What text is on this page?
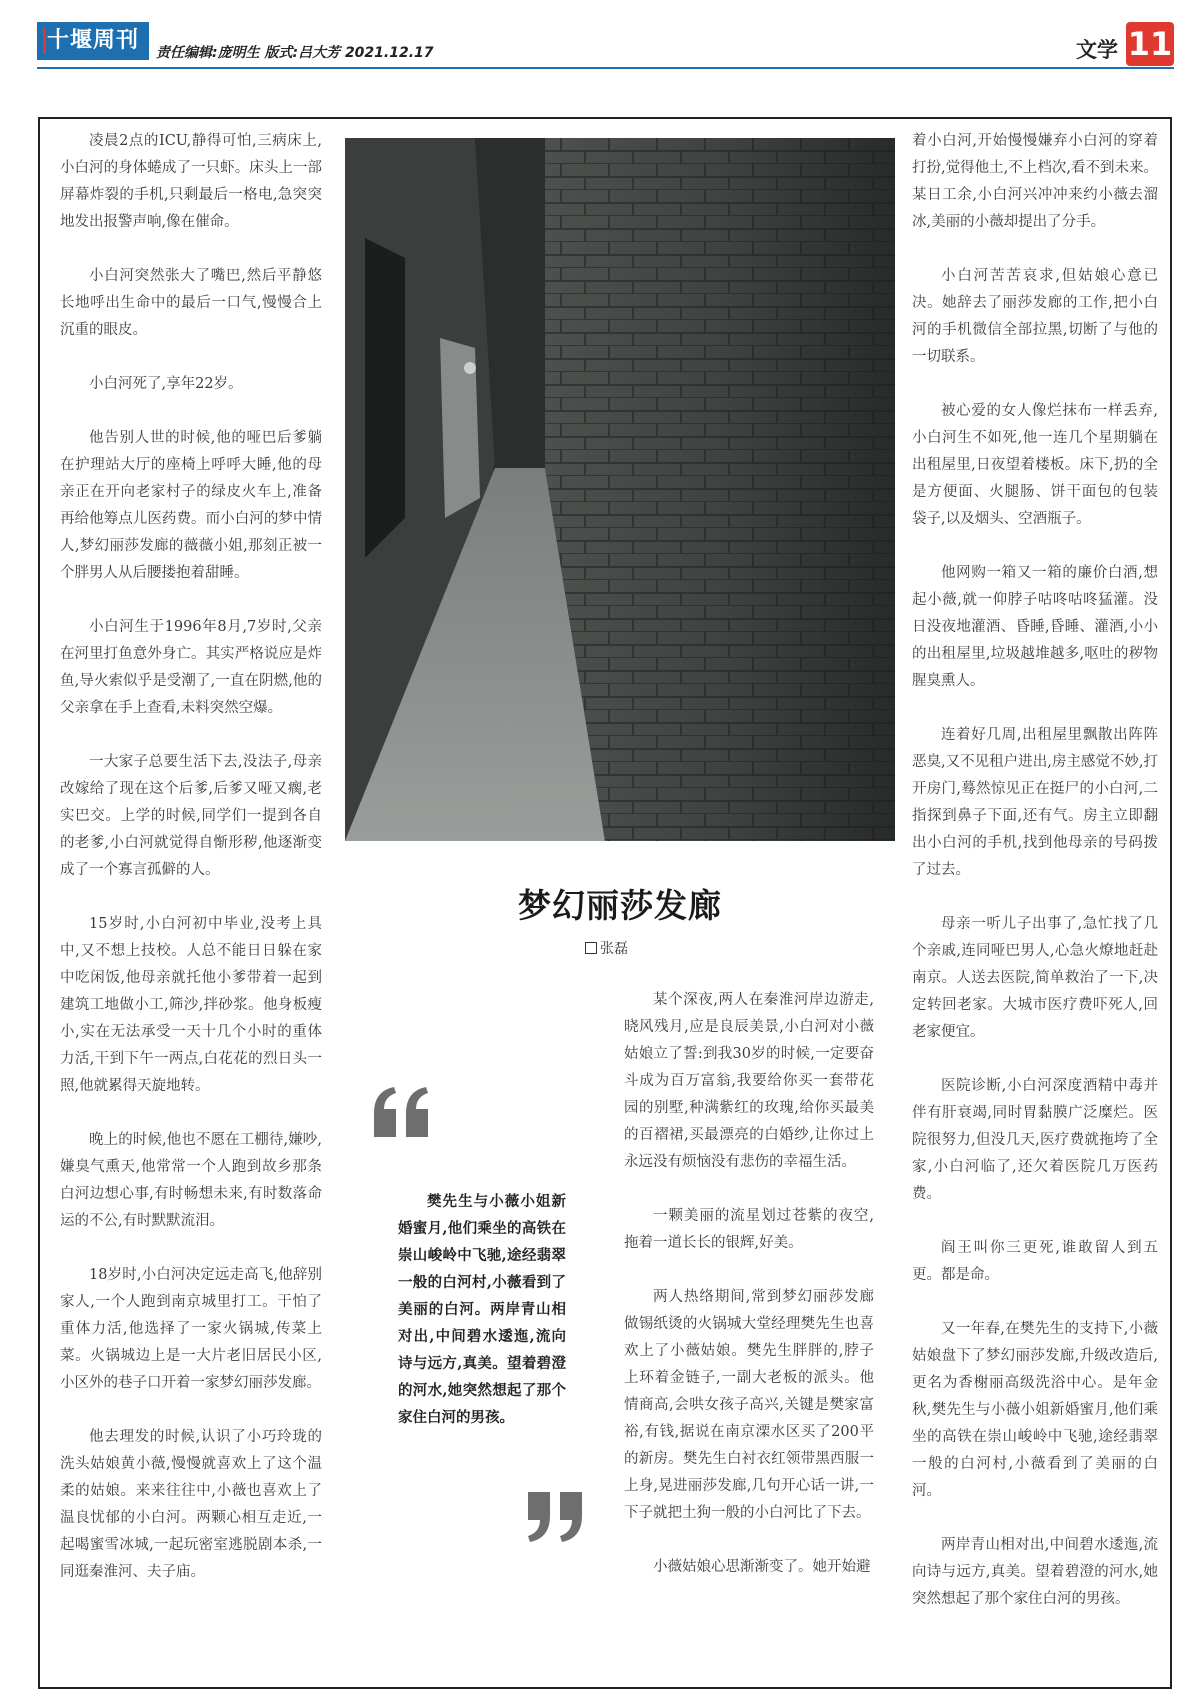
十堰周刊	责任编辑:庞明生 版式:吕大芳 2021.12.17	文学 11

凌晨2点的ICU,静得可怕,三病床上,小白河的身体蜷成了一只虾。床头上一部屏幕炸裂的手机,只剩最后一格电,急突突地发出报警声响,像在催命。

小白河突然张大了嘴巴,然后平静悠长地呼出生命中的最后一口气,慢慢合上沉重的眼皮。

小白河死了,享年22岁。

他告别人世的时候,他的哑巴后爹躺在护理站大厅的座椅上呼呼大睡,他的母亲正在开向老家村子的绿皮火车上,准备再给他筹点儿医药费。而小白河的梦中情人,梦幻丽莎发廊的薇薇小姐,那刻正被一个胖男人从后腰搂抱着甜睡。

小白河生于1996年8月,7岁时,父亲在河里打鱼意外身亡。其实严格说应是炸鱼,导火索似乎是受潮了,一直在阴燃,他的父亲拿在手上查看,未料突然空爆。

一大家子总要生活下去,没法子,母亲改嫁给了现在这个后爹,后爹又哑又瘸,老实巴交。上学的时候,同学们一提到各自的老爹,小白河就觉得自惭形秽,他逐渐变成了一个寡言孤僻的人。

15岁时,小白河初中毕业,没考上具中,又不想上技校。人总不能日日躲在家中吃闲饭,他母亲就托他小爹带着一起到建筑工地做小工,筛沙,拌砂浆。他身板瘦小,实在无法承受一天十几个小时的重体力活,干到下午一两点,白花花的烈日头一照,他就累得天旋地转。

晚上的时候,他也不愿在工棚待,嫌吵,嫌臭气熏天,他常常一个人跑到故乡那条白河边想心事,有时畅想未来,有时数落命运的不公,有时默默流泪。

18岁时,小白河决定远走高飞,他辞别家人,一个人跑到南京城里打工。干怕了重体力活,他选择了一家火锅城,传菜上菜。火锅城边上是一大片老旧居民小区,小区外的巷子口开着一家梦幻丽莎发廊。

他去理发的时候,认识了小巧玲珑的洗头姑娘黄小薇,慢慢就喜欢上了这个温柔的姑娘。来来往往中,小薇也喜欢上了温良忧郁的小白河。两颗心相互走近,一起喝蜜雪冰城,一起玩密室逃脱剧本杀,一同逛秦淮河、夫子庙。

梦幻丽莎发廊
张磊
樊先生与小薇小姐新婚蜜月,他们乘坐的高铁在崇山峻岭中飞驰,途经翡翠一般的白河村,小薇看到了美丽的白河。两岸青山相对出,中间碧水逶迤,流向诗与远方,真美。望着碧澄的河水,她突然想起了那个家住白河的男孩。

某个深夜,两人在秦淮河岸边游走,晓风残月,应是良辰美景,小白河对小薇姑娘立了誓:到我30岁的时候,一定要奋斗成为百万富翁,我要给你买一套带花园的别墅,种满紫红的玫瑰,给你买最美的百褶裙,买最漂亮的白婚纱,让你过上永远没有烦恼没有悲伤的幸福生活。

一颗美丽的流星划过苍紫的夜空,拖着一道长长的银辉,好美。

两人热络期间,常到梦幻丽莎发廊做锡纸烫的火锅城大堂经理樊先生也喜欢上了小薇姑娘。樊先生胖胖的,脖子上环着金链子,一副大老板的派头。他情商高,会哄女孩子高兴,关键是樊家富裕,有钱,据说在南京溧水区买了200平的新房。樊先生白衬衣红领带黑西服一上身,晃进丽莎发廊,几句开心话一讲,一下子就把土狗一般的小白河比了下去。

小薇姑娘心思渐渐变了。她开始避

着小白河,开始慢慢嫌弃小白河的穿着打扮,觉得他土,不上档次,看不到未来。某日工余,小白河兴冲冲来约小薇去溜冰,美丽的小薇却提出了分手。

小白河苦苦哀求,但姑娘心意已决。她辞去了丽莎发廊的工作,把小白河的手机微信全部拉黑,切断了与他的一切联系。

被心爱的女人像烂抹布一样丢弃,小白河生不如死,他一连几个星期躺在出租屋里,日夜望着楼板。床下,扔的全是方便面、火腿肠、饼干面包的包装袋子,以及烟头、空酒瓶子。

他网购一箱又一箱的廉价白酒,想起小薇,就一仰脖子咕咚咕咚猛灌。没日没夜地灌酒、昏睡,昏睡、灌酒,小小的出租屋里,垃圾越堆越多,呕吐的秽物腥臭熏人。

连着好几周,出租屋里飘散出阵阵恶臭,又不见租户进出,房主感觉不妙,打开房门,蓦然惊见正在挺尸的小白河,二指探到鼻子下面,还有气。房主立即翻出小白河的手机,找到他母亲的号码拨了过去。

母亲一听儿子出事了,急忙找了几个亲戚,连同哑巴男人,心急火燎地赶赴南京。人送去医院,简单救治了一下,决定转回老家。大城市医疗费吓死人,回老家便宜。

医院诊断,小白河深度酒精中毒并伴有肝衰竭,同时胃黏膜广泛糜烂。医院很努力,但没几天,医疗费就拖垮了全家,小白河临了,还欠着医院几万医药费。

阎王叫你三更死,谁敢留人到五更。都是命。

又一年春,在樊先生的支持下,小薇姑娘盘下了梦幻丽莎发廊,升级改造后,更名为香榭丽高级洗浴中心。是年金秋,樊先生与小薇小姐新婚蜜月,他们乘坐的高铁在崇山峻岭中飞驰,途经翡翠一般的白河村,小薇看到了美丽的白河。

两岸青山相对出,中间碧水逶迤,流向诗与远方,真美。望着碧澄的河水,她突然想起了那个家住白河的男孩。
